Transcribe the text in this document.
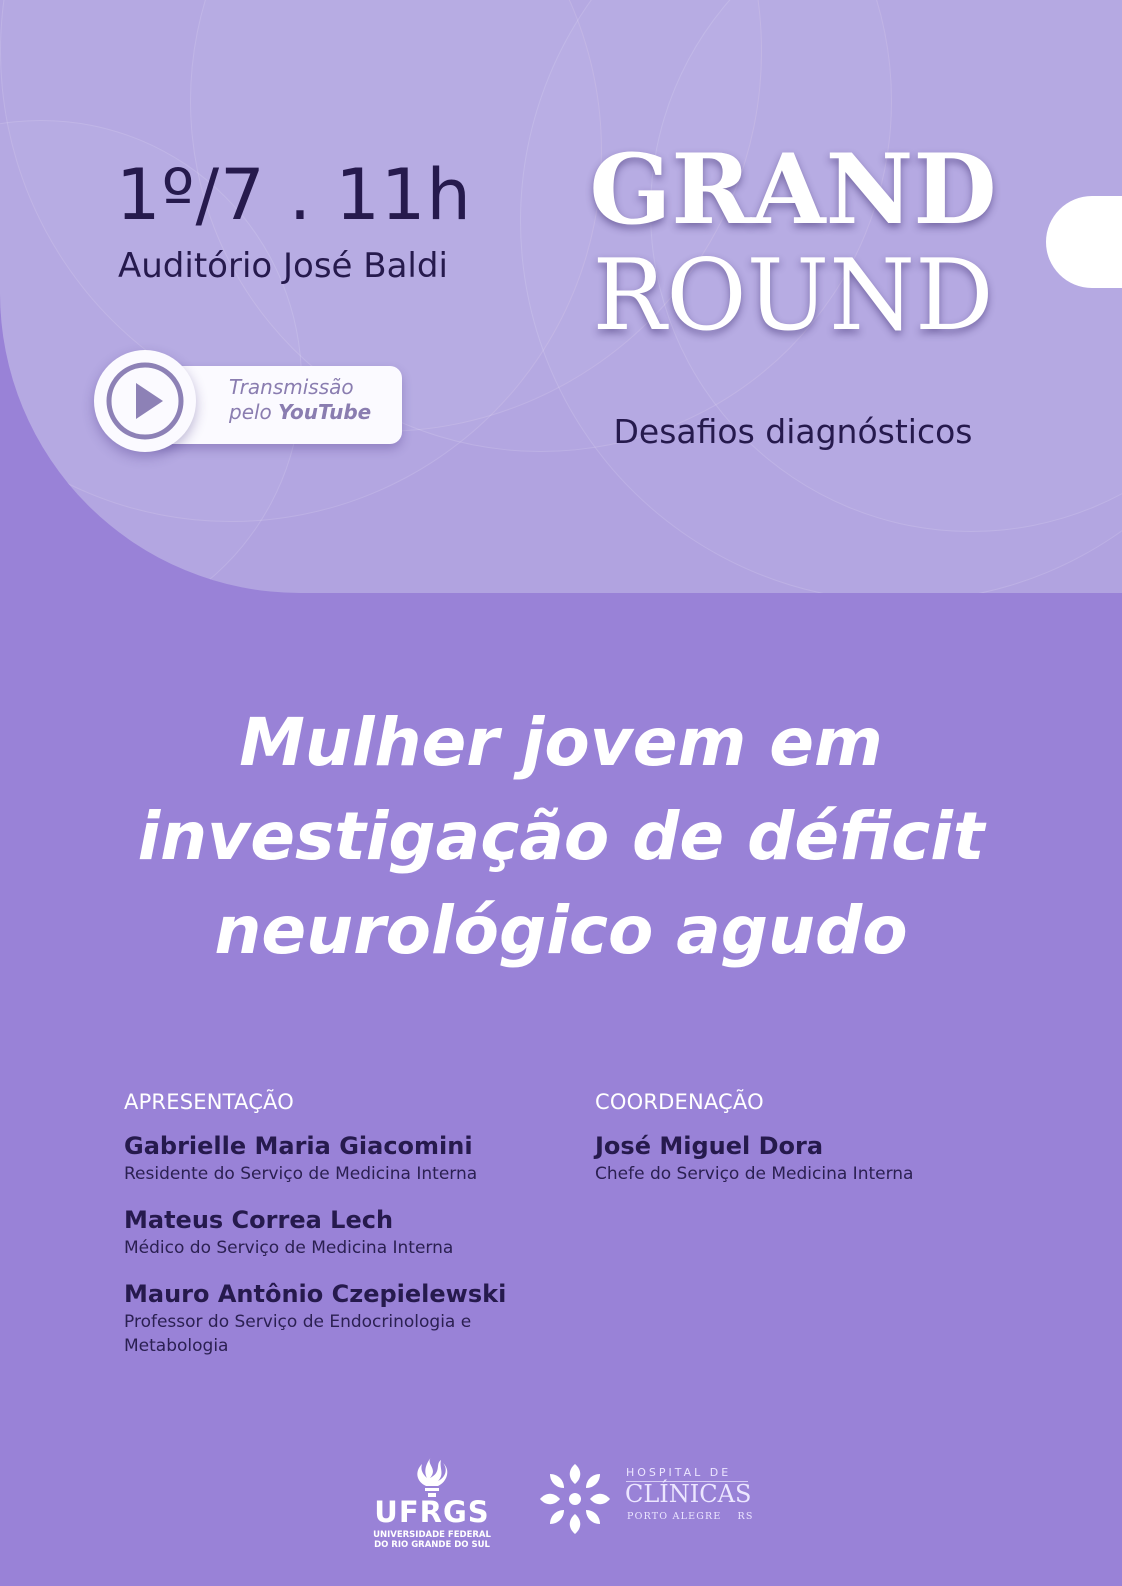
1º/7 . 11h
Auditório José Baldi
Transmissão
pelo YouTube
GRAND
ROUND
Desafios diagnósticos
Mulher jovem em
investigação de déficit
neurológico agudo
APRESENTAÇÃO
Gabrielle Maria Giacomini
Residente do Serviço de Medicina Interna
Mateus Correa Lech
Médico do Serviço de Medicina Interna
Mauro Antônio Czepielewski
Professor do Serviço de Endocrinologia e Metabologia
COORDENAÇÃO
José Miguel Dora
Chefe do Serviço de Medicina Interna
UFRGS
UNIVERSIDADE FEDERAL
DO RIO GRANDE DO SUL
HOSPITAL DE
CLÍNICAS
PORTO ALEGRE RS
